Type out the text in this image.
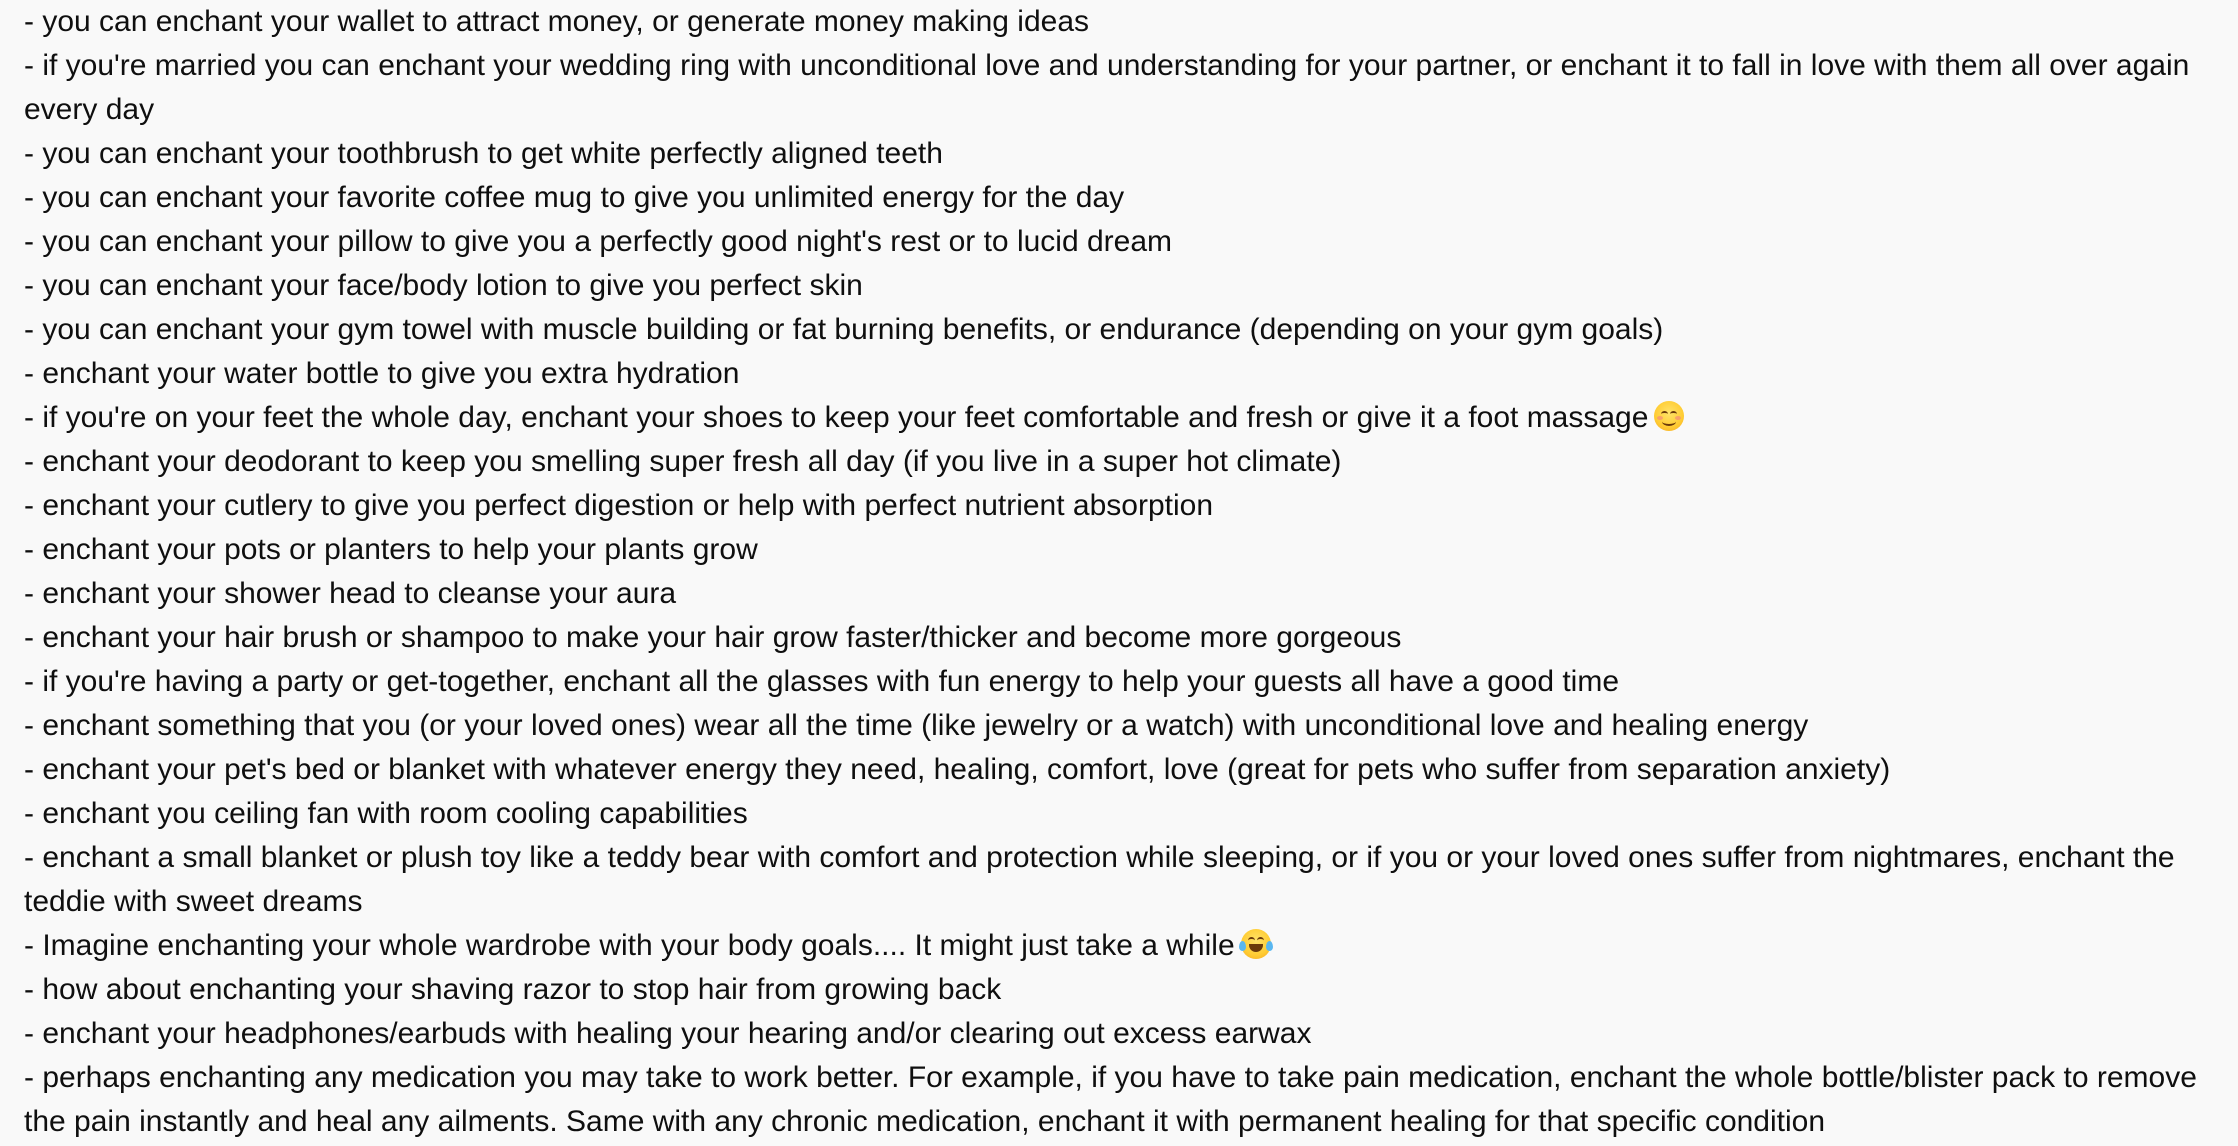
- you can enchant your wallet to attract money, or generate money making ideas
- if you're married you can enchant your wedding ring with unconditional love and understanding for your partner, or enchant it to fall in love with them all over again every day
- you can enchant your toothbrush to get white perfectly aligned teeth
- you can enchant your favorite coffee mug to give you unlimited energy for the day
- you can enchant your pillow to give you a perfectly good night's rest or to lucid dream
- you can enchant your face/body lotion to give you perfect skin
- you can enchant your gym towel with muscle building or fat burning benefits, or endurance (depending on your gym goals)
- enchant your water bottle to give you extra hydration
- if you're on your feet the whole day, enchant your shoes to keep your feet comfortable and fresh or give it a foot massage
- enchant your deodorant to keep you smelling super fresh all day (if you live in a super hot climate)
- enchant your cutlery to give you perfect digestion or help with perfect nutrient absorption
- enchant your pots or planters to help your plants grow
- enchant your shower head to cleanse your aura
- enchant your hair brush or shampoo to make your hair grow faster/thicker and become more gorgeous
- if you're having a party or get-together, enchant all the glasses with fun energy to help your guests all have a good time
- enchant something that you (or your loved ones) wear all the time (like jewelry or a watch) with unconditional love and healing energy
- enchant your pet's bed or blanket with whatever energy they need, healing, comfort, love (great for pets who suffer from separation anxiety)
- enchant you ceiling fan with room cooling capabilities
- enchant a small blanket or plush toy like a teddy bear with comfort and protection while sleeping, or if you or your loved ones suffer from nightmares, enchant the teddie with sweet dreams
- Imagine enchanting your whole wardrobe with your body goals.... It might just take a while
- how about enchanting your shaving razor to stop hair from growing back
- enchant your headphones/earbuds with healing your hearing and/or clearing out excess earwax
- perhaps enchanting any medication you may take to work better. For example, if you have to take pain medication, enchant the whole bottle/blister pack to remove the pain instantly and heal any ailments. Same with any chronic medication, enchant it with permanent healing for that specific condition
